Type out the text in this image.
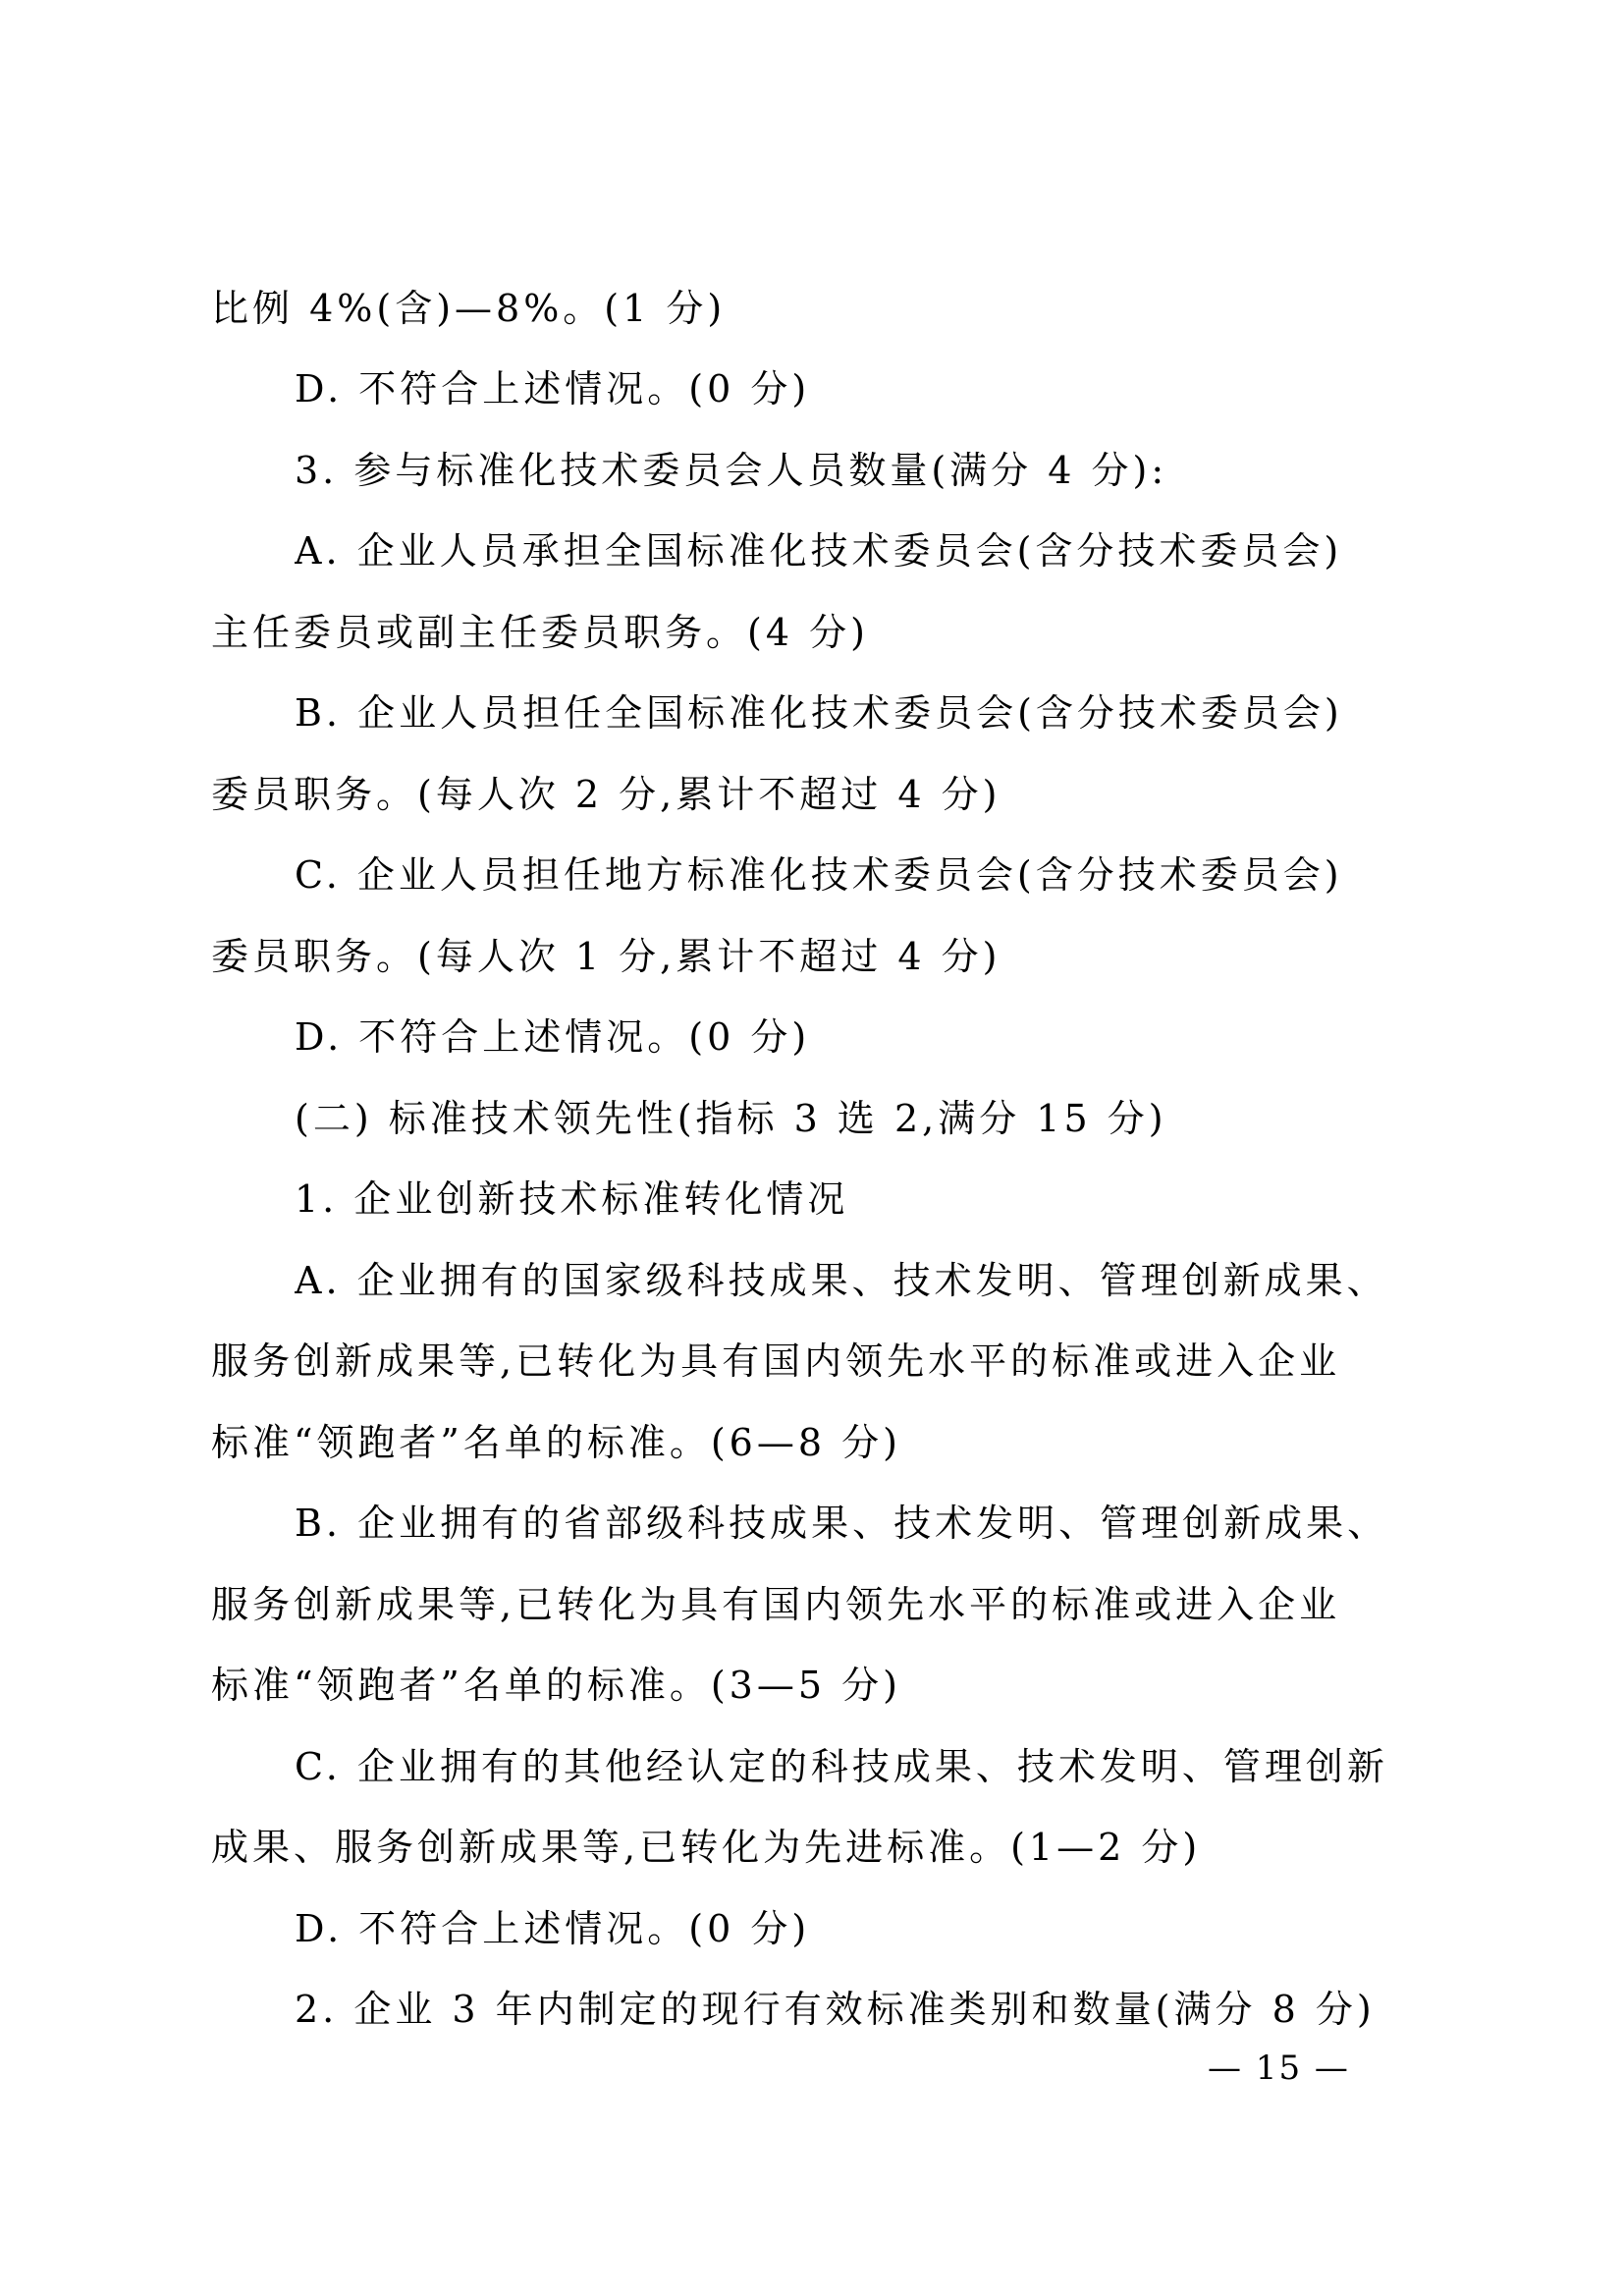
比例 4%(含)—8%。(1 分)
D. 不符合上述情况。(0 分)
3. 参与标准化技术委员会人员数量(满分 4 分):
A. 企业人员承担全国标准化技术委员会(含分技术委员会)
主任委员或副主任委员职务。(4 分)
B. 企业人员担任全国标准化技术委员会(含分技术委员会)
委员职务。(每人次 2 分,累计不超过 4 分)
C. 企业人员担任地方标准化技术委员会(含分技术委员会)
委员职务。(每人次 1 分,累计不超过 4 分)
D. 不符合上述情况。(0 分)
(二) 标准技术领先性(指标 3 选 2,满分 15 分)
1. 企业创新技术标准转化情况
A. 企业拥有的国家级科技成果、技术发明、管理创新成果、
服务创新成果等,已转化为具有国内领先水平的标准或进入企业
标准“领跑者”名单的标准。(6—8 分)
B. 企业拥有的省部级科技成果、技术发明、管理创新成果、
服务创新成果等,已转化为具有国内领先水平的标准或进入企业
标准“领跑者”名单的标准。(3—5 分)
C. 企业拥有的其他经认定的科技成果、技术发明、管理创新
成果、服务创新成果等,已转化为先进标准。(1—2 分)
D. 不符合上述情况。(0 分)
2. 企业 3 年内制定的现行有效标准类别和数量(满分 8 分)
— 15 —
